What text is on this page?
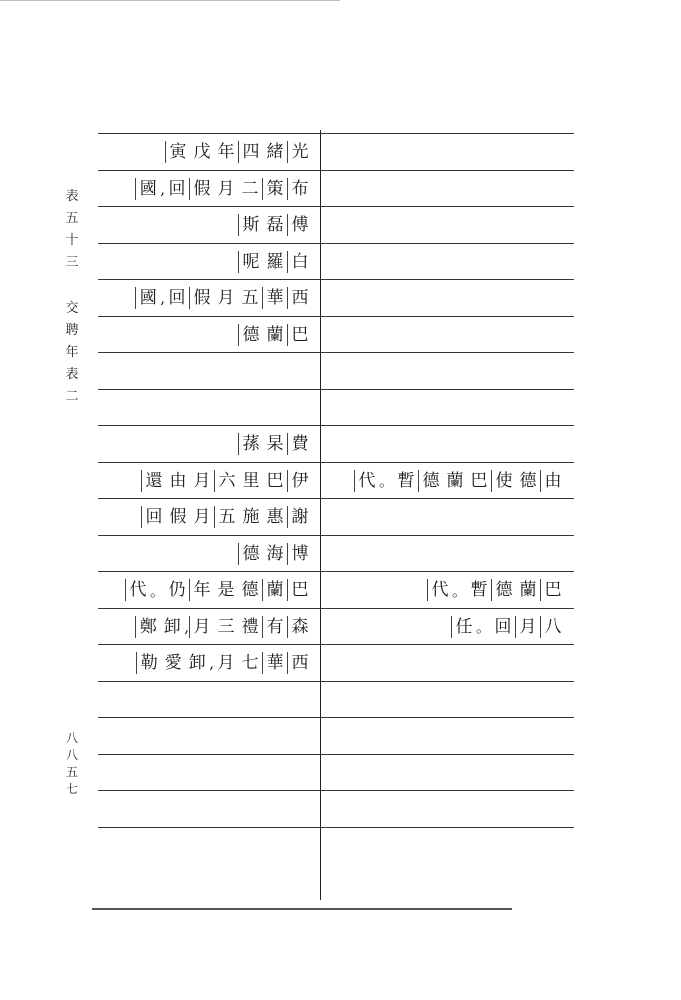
表
五
十
三
交
聘
年
表
二
八
八
五
七
寅 戊 年 四 緒 光
國 , 回 假 月 二 策 布
斯 磊 傅
呢 羅 白
國 , 回 假 月 五 華 西
德 蘭 巴
蓀 杲 費
還 由 月 六 里 巴 伊	代 。 暫 德 蘭 巴 使 德 由
回 假 月 五 施 惠 謝
德 海 博
代 。 仍 年 是 德 蘭 巴	代 。 暫 德 蘭 巴
鄭 卸 , 月 三 禮 有 森	任 。 回 月 八
勒 愛 卸 , 月 七 華 西
